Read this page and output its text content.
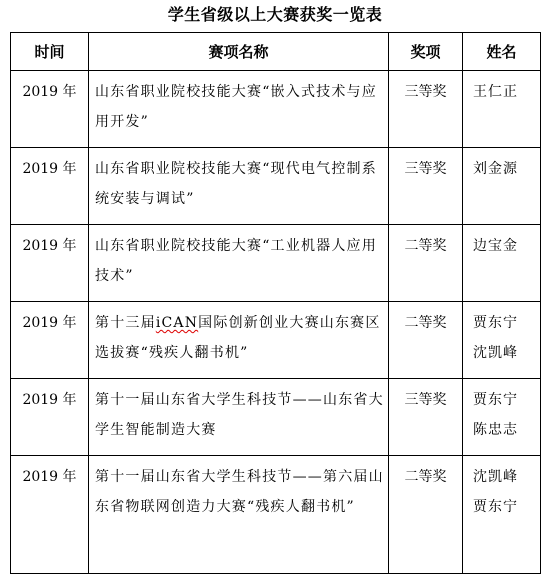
学生省级以上大赛获奖一览表
时间	赛项名称	奖项	姓名

2019 年	山东省职业院校技能大赛“嵌入式技术与应用开发”	三等奖	王仁正

2019 年	山东省职业院校技能大赛“现代电气控制系统安装与调试”	三等奖	刘金源

2019 年	山东省职业院校技能大赛“工业机器人应用技术”	二等奖	边宝金

2019 年	第十三届iCAN国际创新创业大赛山东赛区选拔赛“残疾人翻书机”	二等奖	贾东宁
沈凯峰

2019 年	第十一届山东省大学生科技节——山东省大学生智能制造大赛	三等奖	贾东宁
陈忠志

2019 年	第十一届山东省大学生科技节——第六届山东省物联网创造力大赛“残疾人翻书机”	二等奖	沈凯峰
贾东宁
